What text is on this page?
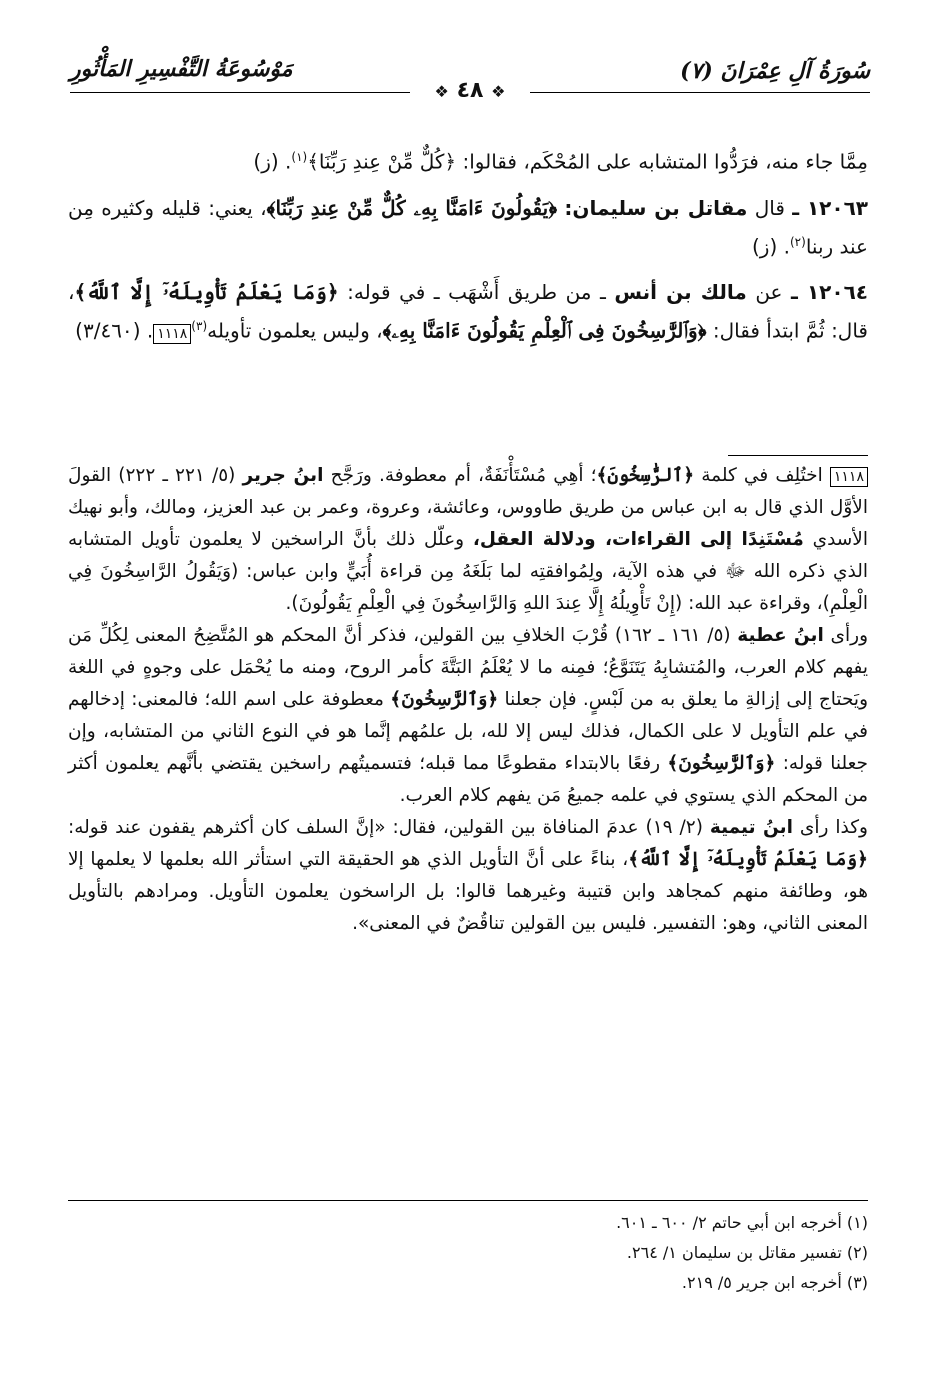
سُورَةُ آلِ عِمْرَانَ (٧)
مَوْسُوعَةُ التَّفْسِيرِ المَأْثُورِ
❖ ٤٨ ❖

مِمَّا جاء منه، فرَدُّوا المتشابه على المُحْكَم، فقالوا: ﴿كُلٌّ مِّنْ عِندِ رَبِّنَا﴾$^{(١)}$. (ز)

١٢٠٦٣ ـ قال مقاتل بن سليمان: ﴿يَقُولُونَ ءَامَنَّا بِهِۦ كُلٌّ مِّنْ عِندِ رَبِّنَا﴾، يعني: قليله وكثيره مِن عند ربنا$^{(٢)}$. (ز)

١٢٠٦٤ ـ عن مالك بن أنس ـ من طريق أَشْهَب ـ في قوله: ﴿وَمَا يَعْلَمُ تَأْوِيلَهُۥٓ إِلَّا ٱللَّهُ﴾، قال: ثُمَّ ابتدأ فقال: ﴿وَٱلرَّٰسِخُونَ فِى ٱلْعِلْمِ يَقُولُونَ ءَامَنَّا بِهِۦ﴾، وليس يعلمون تأويله$^{(٣)}$١١١٨. (٣/٤٦٠)

١١١٨ اختُلِف في كلمة ﴿ٱلرَّٰسِخُونَ﴾؛ أهِي مُسْتَأْنَفَةٌ، أم معطوفة. ورَجَّح ابنُ جرير (٥/ ٢٢١ ـ ٢٢٢) القولَ الأوَّل الذي قال به ابن عباس من طريق طاووس، وعائشة، وعروة، وعمر بن عبد العزيز، ومالك، وأبو نهيك الأسدي مُسْتَنِدًا إلى القراءات، ودلالة العقل، وعلّل ذلك بأنَّ الراسخين لا يعلمون تأويل المتشابه الذي ذكره الله ﷻ في هذه الآية، ولِمُوافقتِه لما بَلَغَهُ مِن قراءة أُبَيٍّ وابن عباس: (وَيَقُولُ الرَّاسِخُونَ فِي الْعِلْمِ)، وقراءة عبد الله: (إِنْ تَأْوِيلُهُ إِلَّا عِندَ اللهِ وَالرَّاسِخُونَ فِي الْعِلْمِ يَقُولُونَ).

ورأى ابنُ عطية (٥/ ١٦١ ـ ١٦٢) قُرْبَ الخلافِ بين القولين، فذكر أنَّ المحكم هو المُتَّضِحُ المعنى لِكُلِّ مَن يفهم كلام العرب، والمُتشابِهُ يَتَنَوَّعُ؛ فمِنه ما لا يُعْلَمُ البَتَّةَ كأمر الروح، ومنه ما يُحْمَل على وجوهٍ في اللغة ويَحتاج إلى إزالةِ ما يعلق به من لَبْسٍ. فإن جعلنا ﴿وَٱلرَّٰسِخُونَ﴾ معطوفة على اسم الله؛ فالمعنى: إدخالهم في علم التأويل لا على الكمال، فذلك ليس إلا لله، بل علمُهم إنَّما هو في النوع الثاني من المتشابه، وإن جعلنا قوله: ﴿وَٱلرَّٰسِخُونَ﴾ رفعًا بالابتداء مقطوعًا مما قبله؛ فتسميتُهم راسخين يقتضي بأنَّهم يعلمون أكثر من المحكم الذي يستوي في علمه جميعُ مَن يفهم كلام العرب.

وكذا رأى ابنُ تيمية (٢/ ١٩) عدمَ المنافاة بين القولين، فقال: «إنَّ السلف كان أكثرهم يقفون عند قوله: ﴿وَمَا يَعْلَمُ تَأْوِيلَهُۥٓ إِلَّا ٱللَّهُ﴾، بناءً على أنَّ التأويل الذي هو الحقيقة التي استأثر الله بعلمها لا يعلمها إلا هو، وطائفة منهم كمجاهد وابن قتيبة وغيرهما قالوا: بل الراسخون يعلمون التأويل. ومرادهم بالتأويل المعنى الثاني، وهو: التفسير. فليس بين القولين تناقُضٌ في المعنى».

(١) أخرجه ابن أبي حاتم ٢/ ٦٠٠ ـ ٦٠١.

(٢) تفسير مقاتل بن سليمان ١/ ٢٦٤.

(٣) أخرجه ابن جرير ٥/ ٢١٩.
